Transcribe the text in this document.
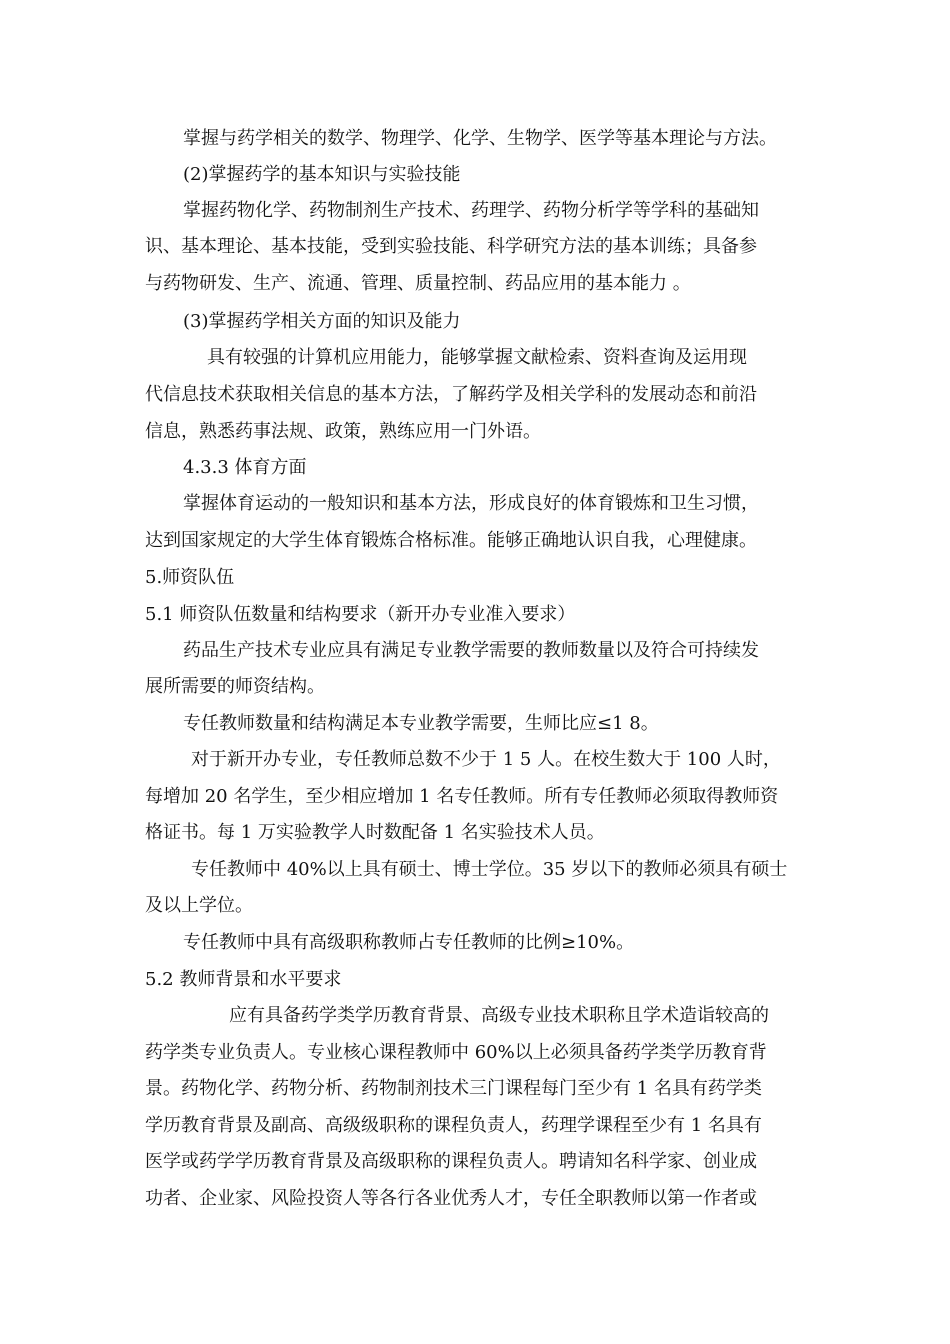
掌握与药学相关的数学、物理学、化学、生物学、医学等基本理论与方法。
(2)掌握药学的基本知识与实验技能
掌握药物化学、药物制剂生产技术、药理学、药物分析学等学科的基础知
识、基本理论、基本技能，受到实验技能、科学研究方法的基本训练；具备参
与药物研发、生产、流通、管理、质量控制、药品应用的基本能力 。
(3)掌握药学相关方面的知识及能力
具有较强的计算机应用能力，能够掌握文献检索、资料查询及运用现
代信息技术获取相关信息的基本方法，了解药学及相关学科的发展动态和前沿
信息，熟悉药事法规、政策，熟练应用一门外语。
4.3.3 体育方面
掌握体育运动的一般知识和基本方法，形成良好的体育锻炼和卫生习惯，
达到国家规定的大学生体育锻炼合格标准。能够正确地认识自我，心理健康。
5.师资队伍
5.1 师资队伍数量和结构要求（新开办专业准入要求）
药品生产技术专业应具有满足专业教学需要的教师数量以及符合可持续发
展所需要的师资结构。
专任教师数量和结构满足本专业教学需要，生师比应≤1 8。
对于新开办专业，专任教师总数不少于 1 5 人。在校生数大于 100 人时，
每增加 20 名学生，至少相应增加 1 名专任教师。所有专任教师必须取得教师资
格证书。每 1 万实验教学人时数配备 1 名实验技术人员。
专任教师中 40%以上具有硕士、博士学位。35 岁以下的教师必须具有硕士
及以上学位。
专任教师中具有高级职称教师占专任教师的比例≥10%。
5.2 教师背景和水平要求
应有具备药学类学历教育背景、高级专业技术职称且学术造诣较高的
药学类专业负责人。专业核心课程教师中 60%以上必须具备药学类学历教育背
景。药物化学、药物分析、药物制剂技术三门课程每门至少有 1 名具有药学类
学历教育背景及副高、高级级职称的课程负责人，药理学课程至少有 1 名具有
医学或药学学历教育背景及高级职称的课程负责人。聘请知名科学家、创业成
功者、企业家、风险投资人等各行各业优秀人才，专任全职教师以第一作者或
